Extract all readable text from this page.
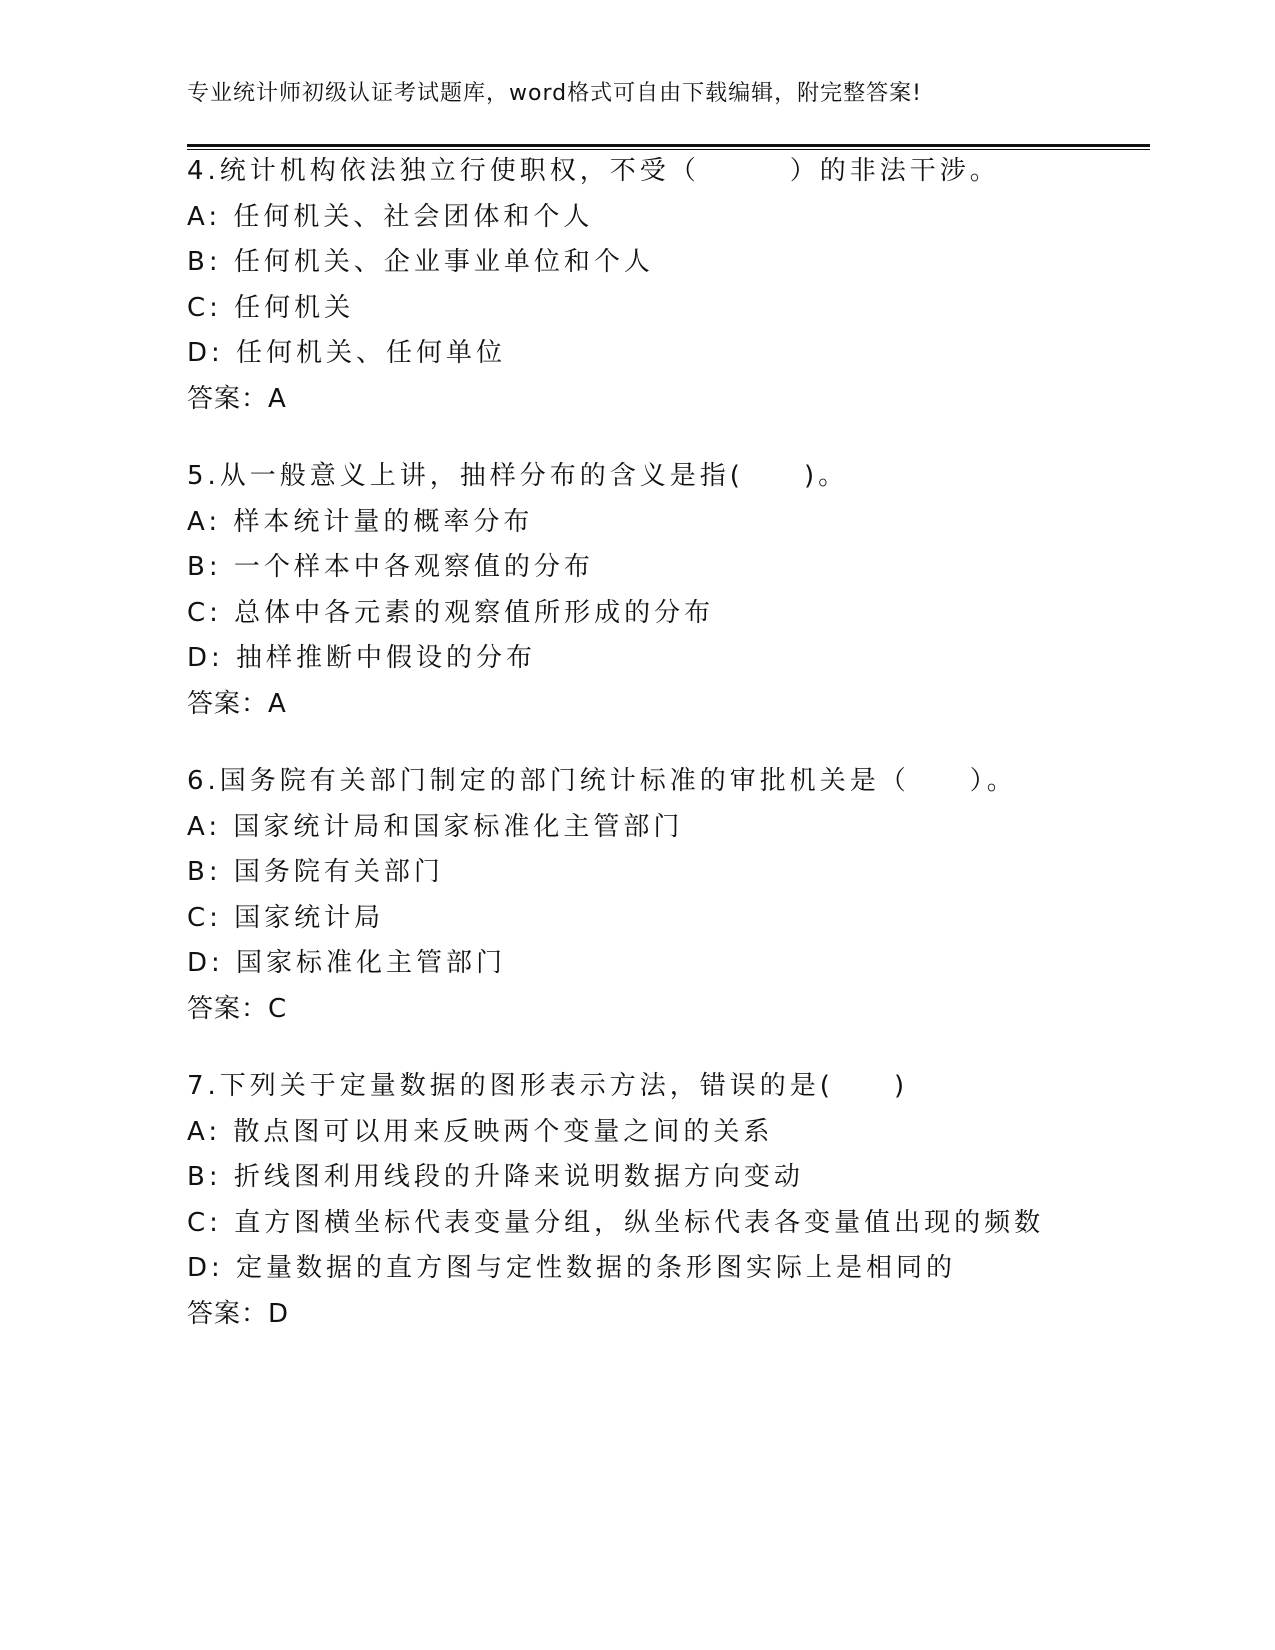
专业统计师初级认证考试题库，word格式可自由下载编辑，附完整答案!
4.统计机构依法独立行使职权，不受（　　　）的非法干涉。
A: 任何机关、社会团体和个人
B: 任何机关、企业事业单位和个人
C: 任何机关
D: 任何机关、任何单位
答案：A
5.从一般意义上讲，抽样分布的含义是指(　　)。
A: 样本统计量的概率分布
B: 一个样本中各观察值的分布
C: 总体中各元素的观察值所形成的分布
D: 抽样推断中假设的分布
答案：A
6.国务院有关部门制定的部门统计标准的审批机关是（　　）。
A: 国家统计局和国家标准化主管部门
B: 国务院有关部门
C: 国家统计局
D: 国家标准化主管部门
答案：C
7.下列关于定量数据的图形表示方法，错误的是(　　)
A: 散点图可以用来反映两个变量之间的关系
B: 折线图利用线段的升降来说明数据方向变动
C: 直方图横坐标代表变量分组，纵坐标代表各变量值出现的频数
D: 定量数据的直方图与定性数据的条形图实际上是相同的
答案：D
